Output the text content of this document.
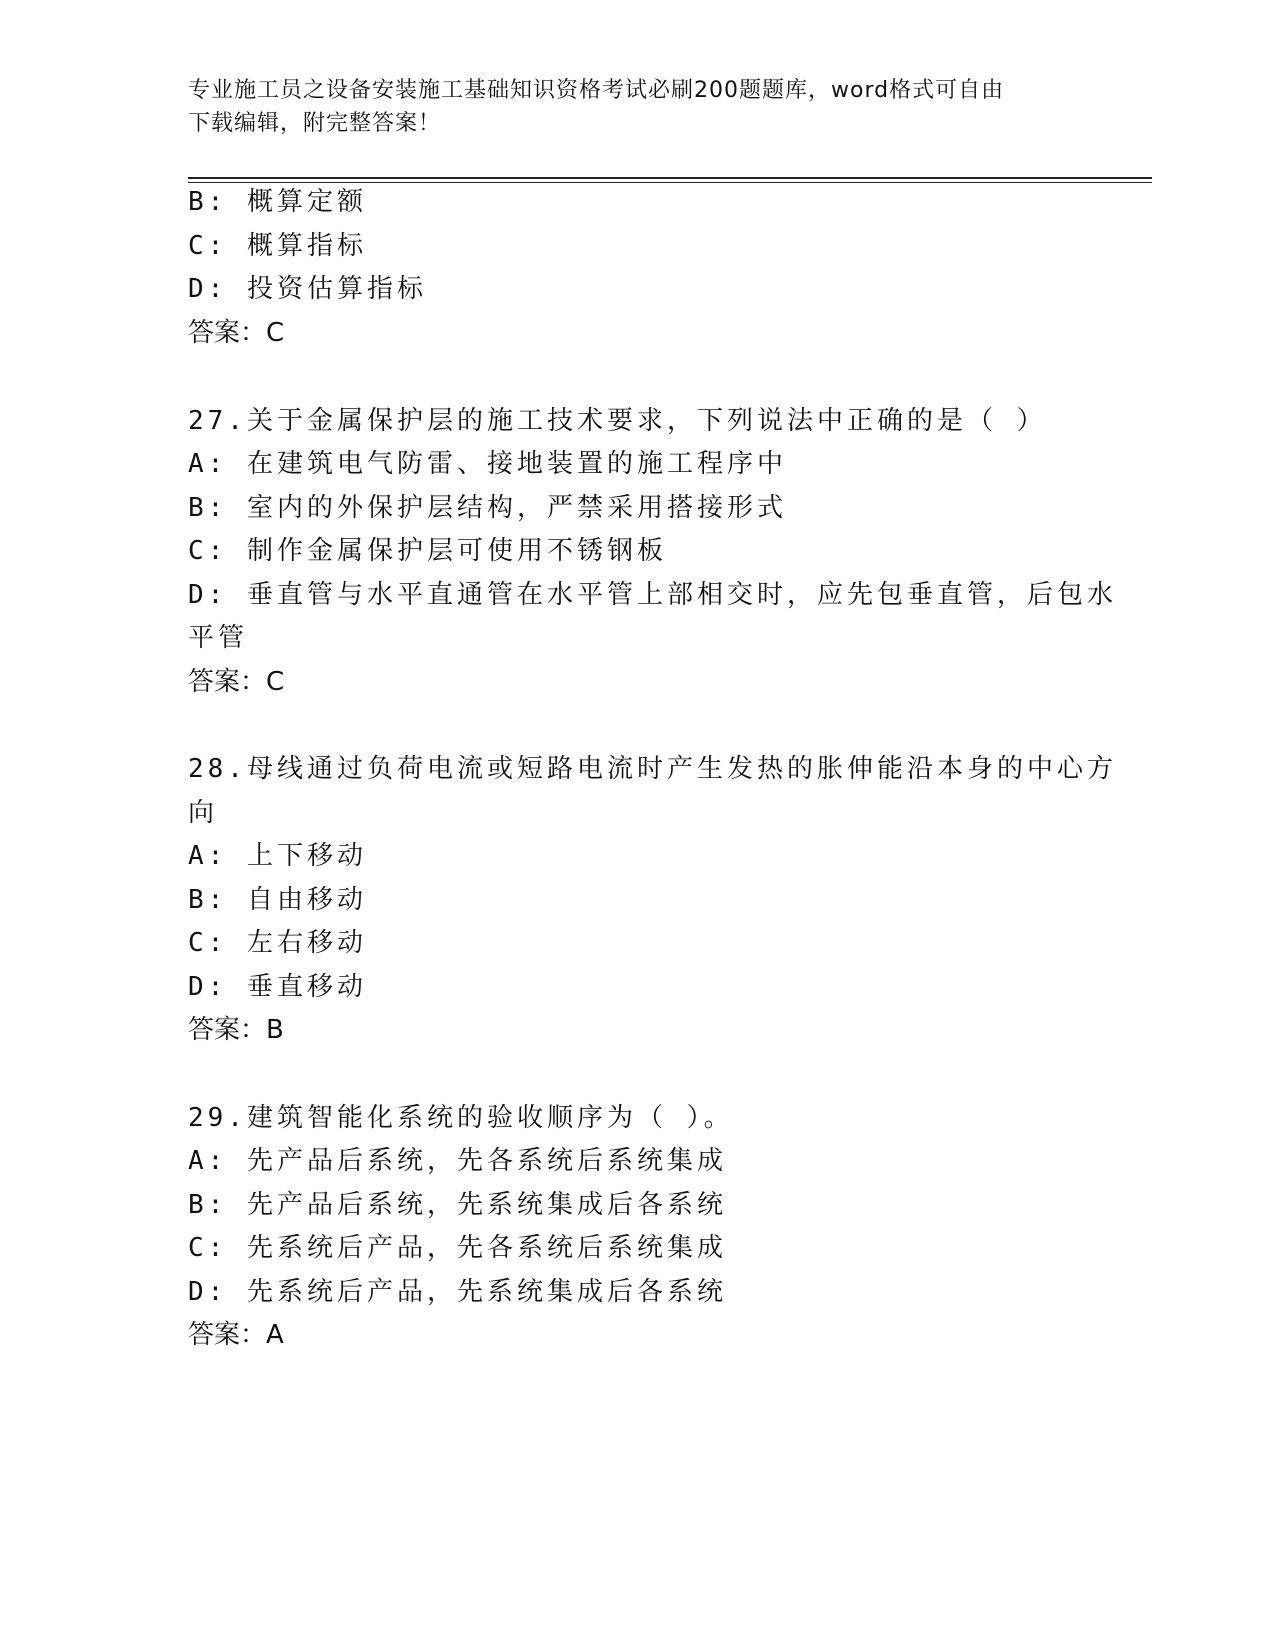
专业施工员之设备安装施工基础知识资格考试必刷200题题库，word格式可自由
下载编辑，附完整答案！
B: 概算定额
C: 概算指标
D: 投资估算指标
答案：C
27.关于金属保护层的施工技术要求，下列说法中正确的是（ ）
A: 在建筑电气防雷、接地装置的施工程序中
B: 室内的外保护层结构，严禁采用搭接形式
C: 制作金属保护层可使用不锈钢板
D: 垂直管与水平直通管在水平管上部相交时，应先包垂直管，后包水
平管
答案：C
28.母线通过负荷电流或短路电流时产生发热的胀伸能沿本身的中心方
向
A: 上下移动
B: 自由移动
C: 左右移动
D: 垂直移动
答案：B
29.建筑智能化系统的验收顺序为（ ）。
A: 先产品后系统，先各系统后系统集成
B: 先产品后系统，先系统集成后各系统
C: 先系统后产品，先各系统后系统集成
D: 先系统后产品，先系统集成后各系统
答案：A
